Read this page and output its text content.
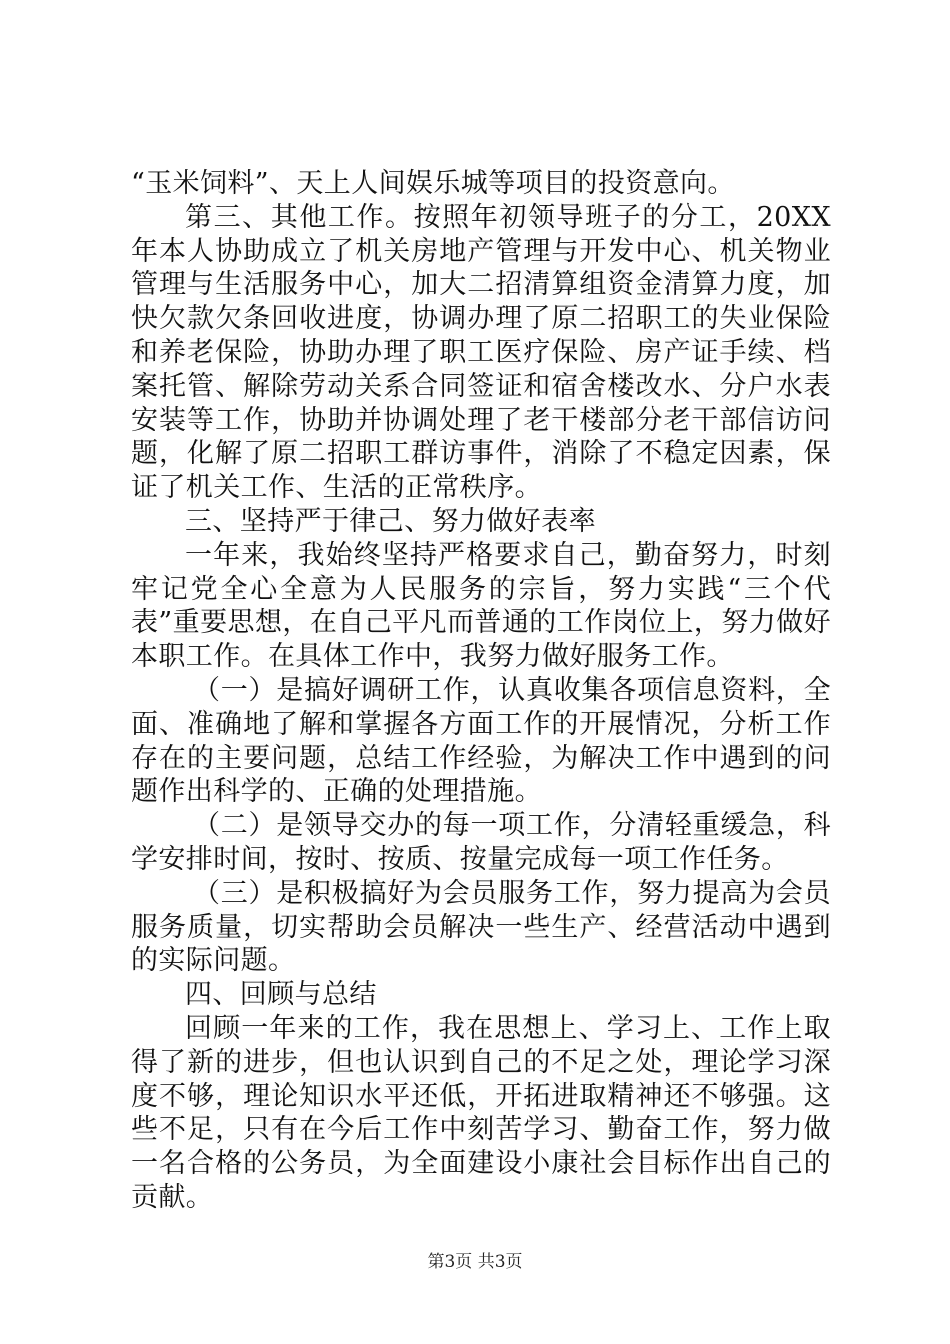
“玉米饲料”、天上人间娱乐城等项目的投资意向。

第三、其他工作。按照年初领导班子的分工，20XX年本人协助成立了机关房地产管理与开发中心、机关物业管理与生活服务中心，加大二招清算组资金清算力度，加快欠款欠条回收进度，协调办理了原二招职工的失业保险和养老保险，协助办理了职工医疗保险、房产证手续、档案托管、解除劳动关系合同签证和宿舍楼改水、分户水表安装等工作，协助并协调处理了老干楼部分老干部信访问题，化解了原二招职工群访事件，消除了不稳定因素，保证了机关工作、生活的正常秩序。

三、坚持严于律己、努力做好表率

一年来，我始终坚持严格要求自己，勤奋努力，时刻牢记党全心全意为人民服务的宗旨，努力实践“三个代表”重要思想，在自己平凡而普通的工作岗位上，努力做好本职工作。在具体工作中，我努力做好服务工作。

（一）是搞好调研工作，认真收集各项信息资料，全面、准确地了解和掌握各方面工作的开展情况，分析工作存在的主要问题，总结工作经验，为解决工作中遇到的问题作出科学的、正确的处理措施。

（二）是领导交办的每一项工作，分清轻重缓急，科学安排时间，按时、按质、按量完成每一项工作任务。

（三）是积极搞好为会员服务工作，努力提高为会员服务质量，切实帮助会员解决一些生产、经营活动中遇到的实际问题。

四、回顾与总结

回顾一年来的工作，我在思想上、学习上、工作上取得了新的进步，但也认识到自己的不足之处，理论学习深度不够，理论知识水平还低，开拓进取精神还不够强。这些不足，只有在今后工作中刻苦学习、勤奋工作，努力做一名合格的公务员，为全面建设小康社会目标作出自己的贡献。

第3页 共3页
